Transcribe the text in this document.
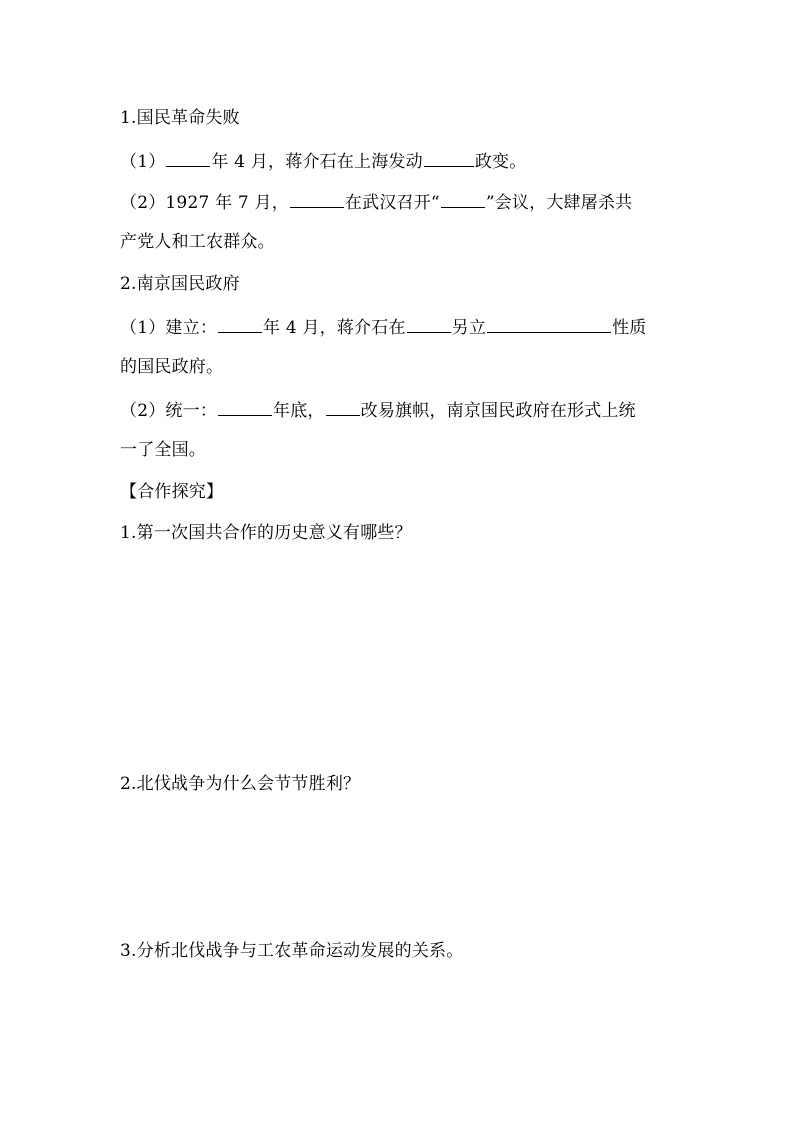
1.国民革命失败
（1）	年 4 月，蒋介石在上海发动	政变。
（2）1927 年 7 月，	在武汉召开“	”会议，大肆屠杀共
产党人和工农群众。
2.南京国民政府
（1）建立：	年 4 月，蒋介石在	另立	性质
的国民政府。
（2）统一：	年底， 改易旗帜，南京国民政府在形式上统
一了全国。
【合作探究】
1.第一次国共合作的历史意义有哪些？
2.北伐战争为什么会节节胜利？
3.分析北伐战争与工农革命运动发展的关系。
